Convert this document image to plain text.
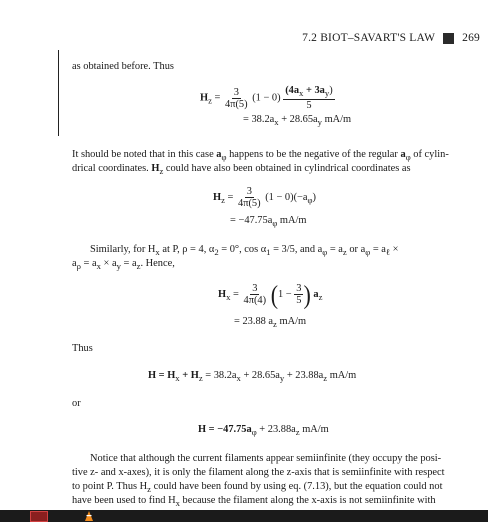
7.2 BIOT–SAVART'S LAW 269
as obtained before. Thus
$H_z = \frac{3}{4\pi(5)} (1 - 0) \frac{(4a_x + 3a_y)}{5}$
= $38.2a_x + 28.65a_y$ mA/m
It should be noted that in this case $a_\varphi$ happens to be the negative of the regular $a_\varphi$ of cylin-
drical coordinates. $H_z$ could have also been obtained in cylindrical coordinates as
$H_z = \frac{3}{4\pi(5)} (1 - 0)(-a_\varphi)$
= $-47.75a_\varphi$ mA/m
Similarly, for $H_x$ at P, ρ = 4, $\alpha_2 = 0^\circ$, $\cos \alpha_1 = 3/5$, and $a_\varphi = a_z$ or $a_\varphi = a_\ell$ ×
$a_\rho = a_x \times a_y = a_z$. Hence,
$H_x = \frac{3}{4\pi(4)} (1 - \frac{3}{5}$ ) $a_z$
= 23.88 $a_z$ mA/m
Thus
$H = H_x + H_z = 38.2a_x + 28.65a_y + 23.88a_z$ mA/m
or
$H = -47.75a_\varphi + 23.88a_z$ mA/m
Notice that although the current filaments appear semiinfinite (they occupy the posi-
tive z- and x-axes), it is only the filament along the z-axis that is semiinfinite with respect
to point P. Thus $H_z$ could have been found by using eq. (7.13), but the equation could not
have been used to find $H_x$ because the filament along the x-axis is not semiinfinite with
